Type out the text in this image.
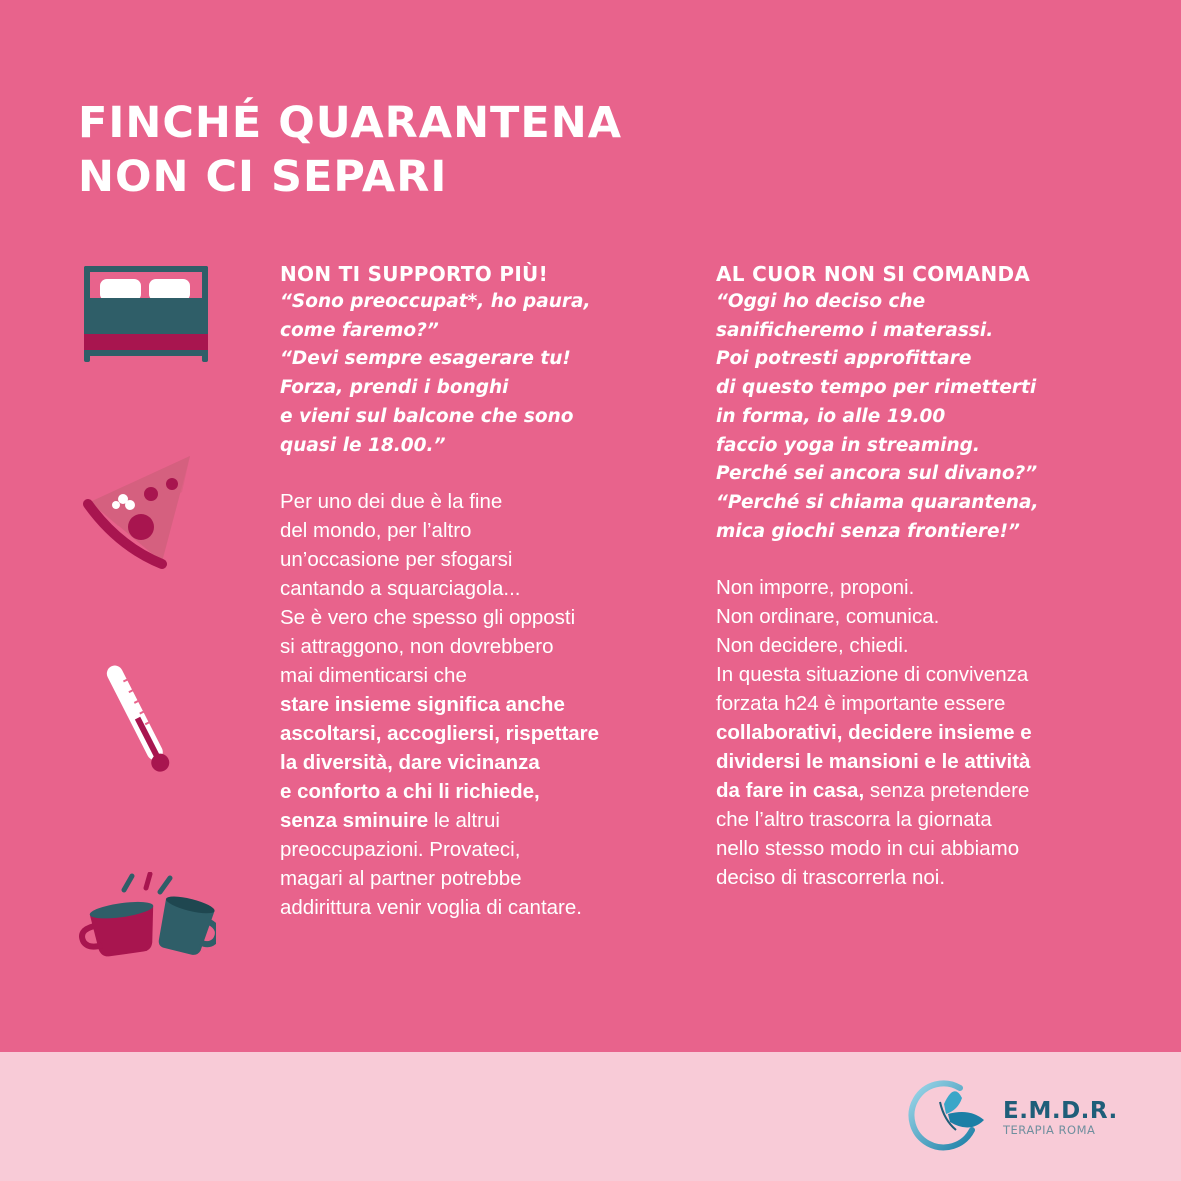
FINCHÉ QUARANTENA
NON CI SEPARI
NON TI SUPPORTO PIÙ!

“Sono preoccupat*, ho paura,
come faremo?”
“Devi sempre esagerare tu!
Forza, prendi i bonghi
e vieni sul balcone che sono
quasi le 18.00.”

Per uno dei due è la fine
del mondo, per l’altro
un’occasione per sfogarsi
cantando a squarciagola...
Se è vero che spesso gli opposti
si attraggono, non dovrebbero
mai dimenticarsi che
stare insieme significa anche
ascoltarsi, accogliersi, rispettare
la diversità, dare vicinanza
e conforto a chi li richiede,
senza sminuire le altrui
preoccupazioni. Provateci,
magari al partner potrebbe
addirittura venir voglia di cantare.

AL CUOR NON SI COMANDA

“Oggi ho deciso che
sanificheremo i materassi.
Poi potresti approfittare
di questo tempo per rimetterti
in forma, io alle 19.00
faccio yoga in streaming.
Perché sei ancora sul divano?”
“Perché si chiama quarantena,
mica giochi senza frontiere!”

Non imporre, proponi.
Non ordinare, comunica.
Non decidere, chiedi.
In questa situazione di convivenza
forzata h24 è importante essere
collaborativi, decidere insieme e
dividersi le mansioni e le attività
da fare in casa, senza pretendere
che l’altro trascorra la giornata
nello stesso modo in cui abbiamo
deciso di trascorrerla noi.

E.M.D.R.
TERAPIA ROMA
